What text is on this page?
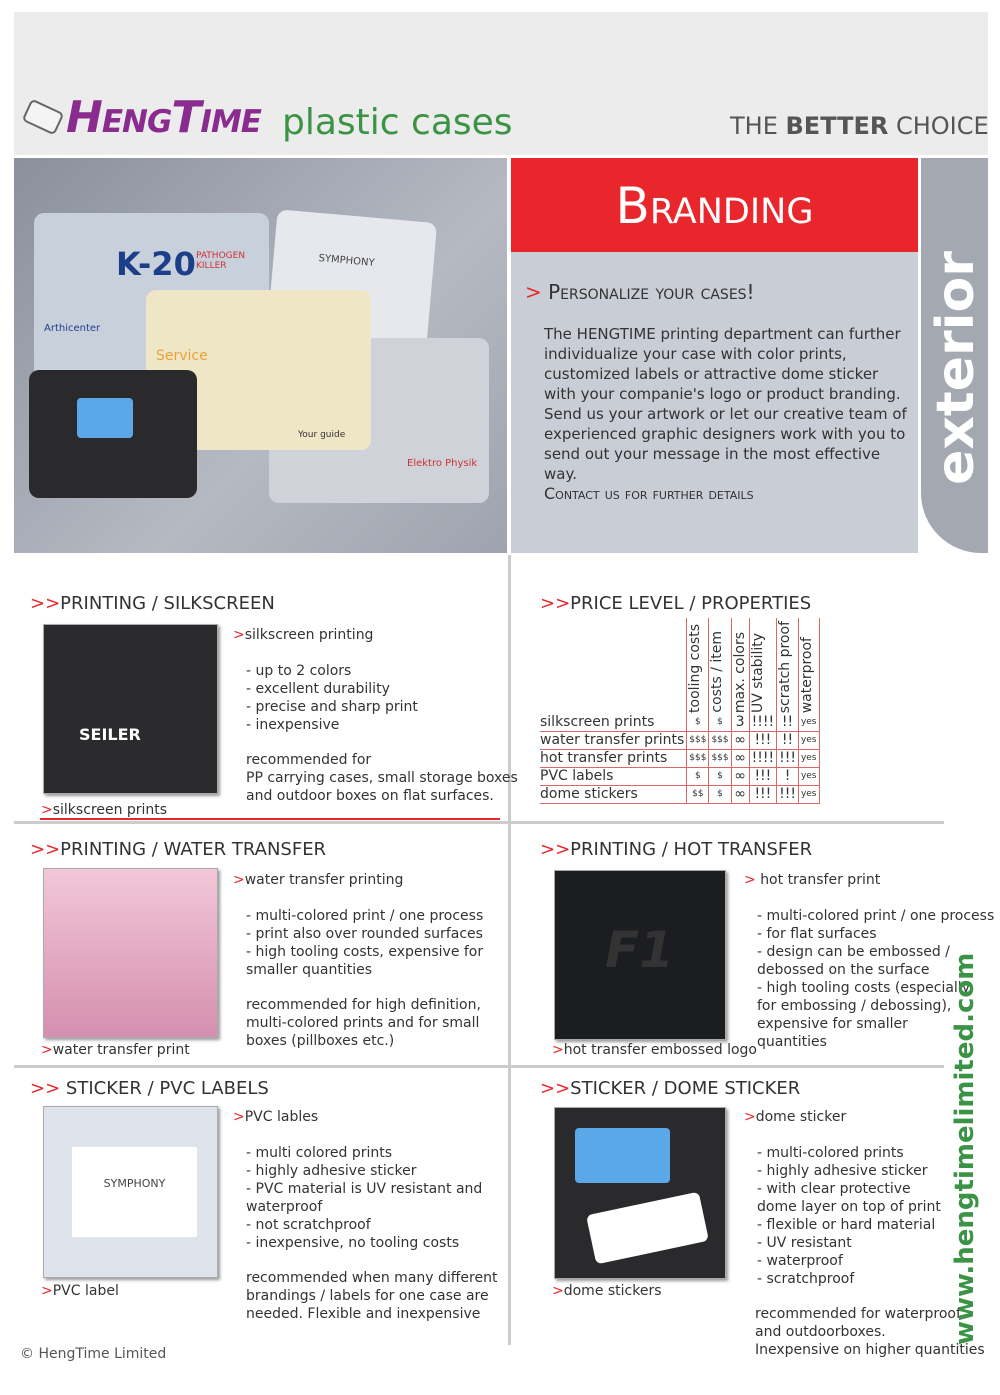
HengTime plastic cases	THE BETTER CHOICE
K-20 PATHOGEN KILLER
Arthicenter
SYMPHONY
Elektro Physik
Service
Your guide
Branding
> Personalize your cases!
The HENGTIME printing department can further individualize your case with color prints, customized labels or attractive dome sticker with your companie's logo or product branding. Send us your artwork or let our creative team of experienced graphic designers work with you to send out your message in the most effective way.
Contact us for further details
exterior
>>PRINTING / SILKSCREEN
SEILER
>silkscreen printing
- up to 2 colors
- excellent durability
- precise and sharp print
- inexpensive
recommended for
PP carrying cases, small storage boxes
and outdoor boxes on flat surfaces.
>silkscreen prints
>>PRICE LEVEL / PROPERTIES

	tooling costs	costs / item	max. colors	UV stability	scratch proof	waterproof

silkscreen prints	$	$	3	!!!!	!!	yes
water transfer prints	$$$	$$$	∞	!!!	!!	yes
hot transfer prints	$$$	$$$	∞	!!!!	!!!	yes
PVC labels	$	$	∞	!!!	!	yes
dome stickers	$$	$	∞	!!!	!!!	yes
>>PRINTING / WATER TRANSFER
>water transfer printing
- multi-colored print / one process
- print also over rounded surfaces
- high tooling costs, expensive for
smaller quantities
recommended for high definition,
multi-colored prints and for small
boxes (pillboxes etc.)
>water transfer print
>>PRINTING / HOT TRANSFER
F1
> hot transfer print
- multi-colored print / one process
- for flat surfaces
- design can be embossed /
debossed on the surface
- high tooling costs (especially
for embossing / debossing),
expensive for smaller
quantities
>hot transfer embossed logo
>> STICKER / PVC LABELS
SYMPHONY
>PVC lables
- multi colored prints
- highly adhesive sticker
- PVC material is UV resistant and
waterproof
- not scratchproof
- inexpensive, no tooling costs
recommended when many different
brandings / labels for one case are
needed. Flexible and inexpensive
>PVC label
>>STICKER / DOME STICKER
>dome sticker
- multi-colored prints
- highly adhesive sticker
- with clear protective
dome layer on top of print
- flexible or hard material
- UV resistant
- waterproof
- scratchproof
recommended for waterproof
and outdoorboxes.
Inexpensive on higher quantities
>dome stickers	www.hengtimelimited.com
© HengTime Limited
